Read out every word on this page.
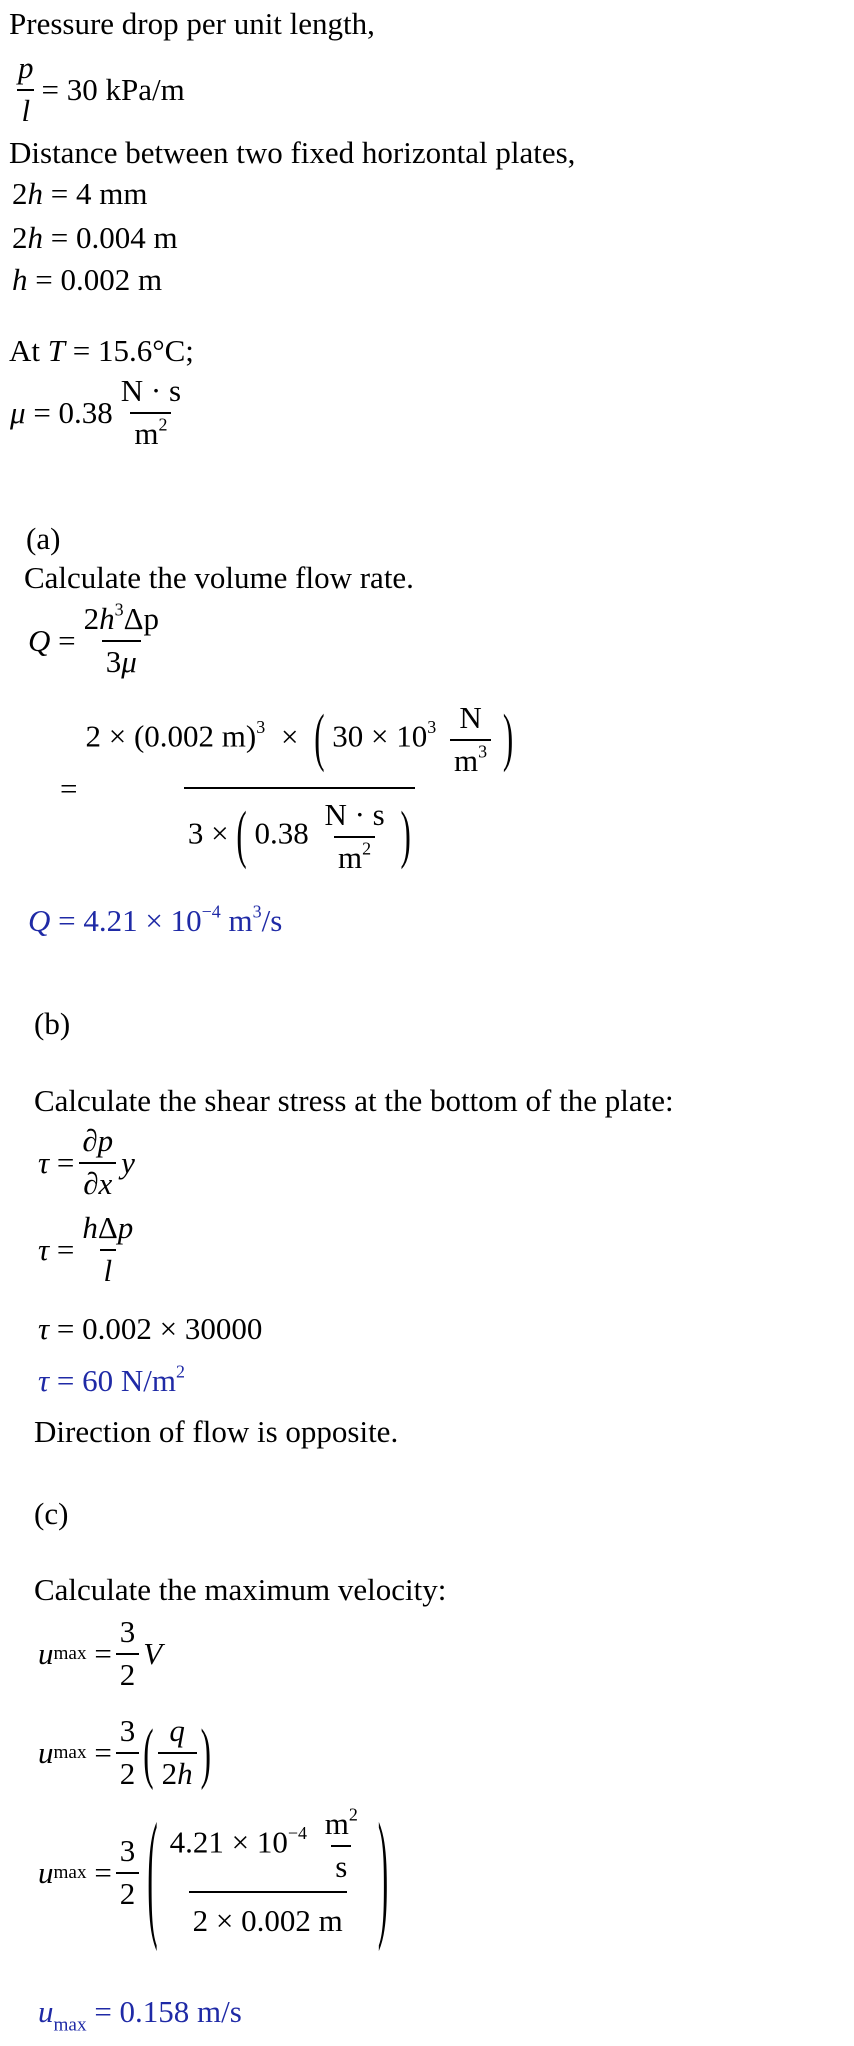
Pressure drop per unit length,
$\frac{p}{l} = 30$ kPa/m
Distance between two fixed horizontal plates,
2h = 4 mm
2h = 0.004 m
h = 0.002 m
At T = 15.6°C;
μ
= $0.38 \frac{N \cdot s}{m^2}$
(a)
Calculate the volume flow rate.
$Q = \frac{2h^3\Delta p}{3\mu}$
=
2 × (0.002 m)$^3$ × ( $30 \times 10^3 \frac{N}{m^3}$ )
3 × ( $0.38 \frac{N \cdot s}{m^2}$ )
$Q = 4.21 \times 10^{-4}$ $m^3/s$
(b)
Calculate the shear stress at the bottom of the plate:
$\tau = \frac{\partial p}{\partial x}$ y
$\tau = \frac{\text{hΔp}}{l}$
τ = 0.002 × 30000
τ = 60 $N/m^2$
Direction of flow is opposite.
(c)
Calculate the maximum velocity:
u $\max = \frac{3}{2}$ V
u $\max = \frac{3}{2}$ ( $\frac{q}{2h}$ )
u $\max = \frac{3}{2}$ ( $\frac{4.21 \times 10^{-4} \frac{m^2}{s}}{2 \times 0.002 m}$ )
$u_{max} = 0.158$ m/s
